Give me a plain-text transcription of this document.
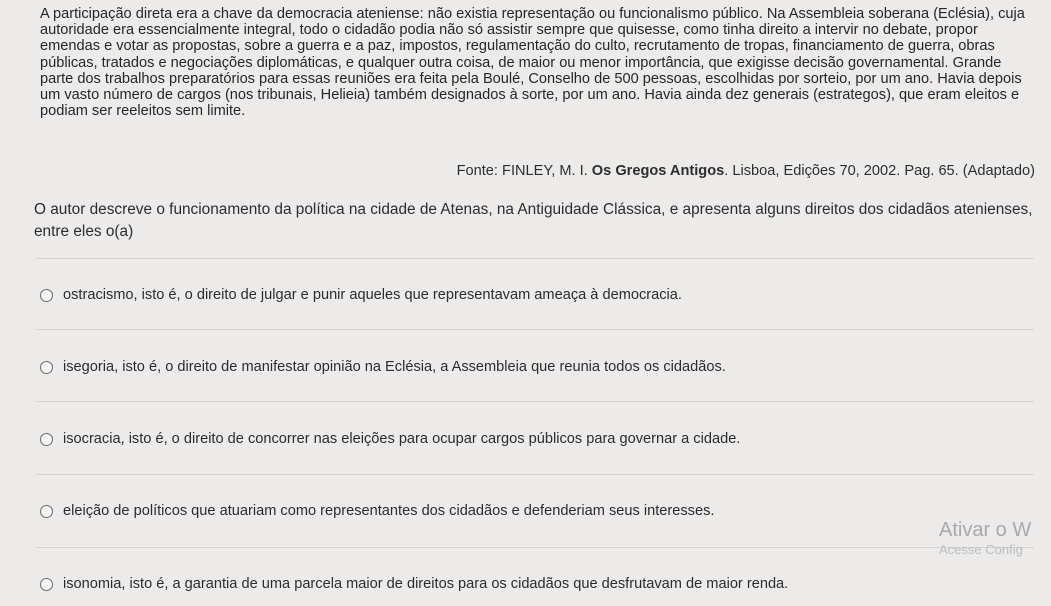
A participação direta era a chave da democracia ateniense: não existia representação ou funcionalismo público. Na Assembleia soberana (Eclésia), cuja autoridade era essencialmente integral, todo o cidadão podia não só assistir sempre que quisesse, como tinha direito a intervir no debate, propor emendas e votar as propostas, sobre a guerra e a paz, impostos, regulamentação do culto, recrutamento de tropas, financiamento de guerra, obras públicas, tratados e negociações diplomáticas, e qualquer outra coisa, de maior ou menor importância, que exigisse decisão governamental. Grande parte dos trabalhos preparatórios para essas reuniões era feita pela Boulé, Conselho de 500 pessoas, escolhidas por sorteio, por um ano. Havia depois um vasto número de cargos (nos tribunais, Helieia) também designados à sorte, por um ano. Havia ainda dez generais (estrategos), que eram eleitos e podiam ser reeleitos sem limite.
Fonte: FINLEY, M. I. Os Gregos Antigos. Lisboa, Edições 70, 2002. Pag. 65. (Adaptado)
O autor descreve o funcionamento da política na cidade de Atenas, na Antiguidade Clássica, e apresenta alguns direitos dos cidadãos atenienses, entre eles o(a)
ostracismo, isto é, o direito de julgar e punir aqueles que representavam ameaça à democracia.
isegoria, isto é, o direito de manifestar opinião na Eclésia, a Assembleia que reunia todos os cidadãos.
isocracia, isto é, o direito de concorrer nas eleições para ocupar cargos públicos para governar a cidade.
eleição de políticos que atuariam como representantes dos cidadãos e defenderiam seus interesses.
isonomia, isto é, a garantia de uma parcela maior de direitos para os cidadãos que desfrutavam de maior renda.
Ativar o W
Acesse Config
